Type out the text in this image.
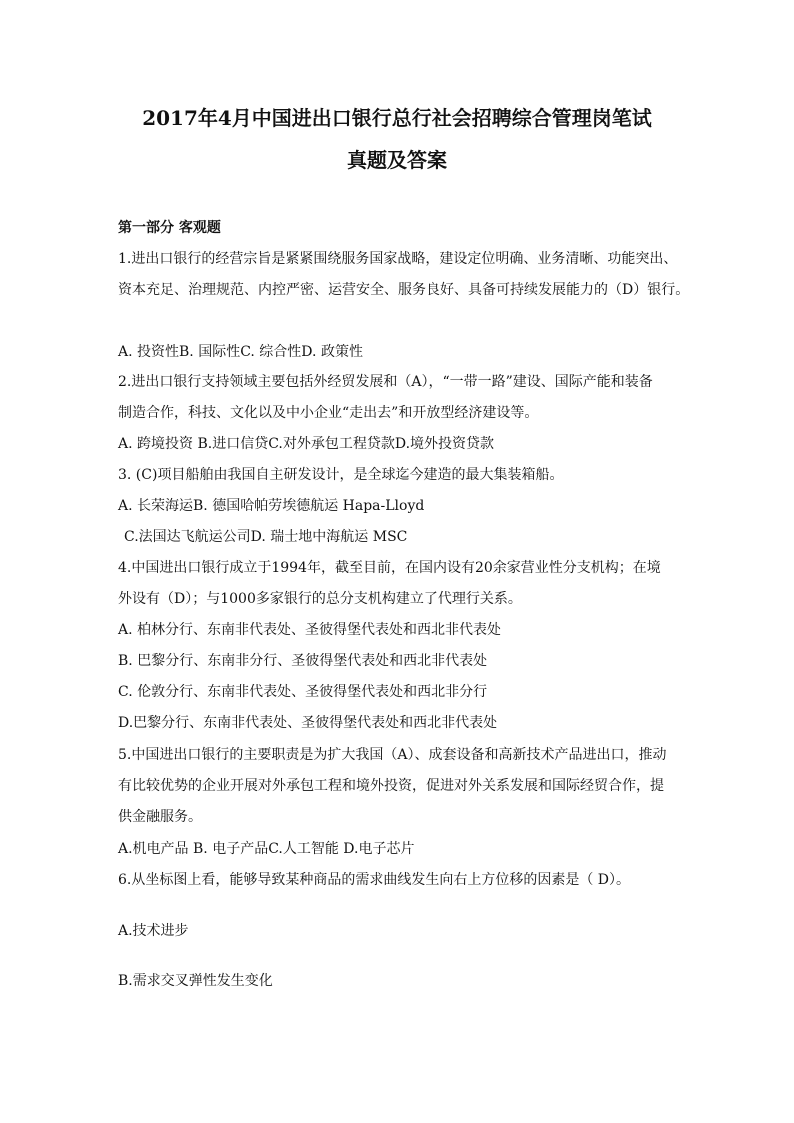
2017年4月中国进出口银行总行社会招聘综合管理岗笔试
真题及答案
第一部分 客观题
1.进出口银行的经营宗旨是紧紧围绕服务国家战略，建设定位明确、业务清晰、功能突出、
资本充足、治理规范、内控严密、运营安全、服务良好、具备可持续发展能力的（D）银行。
A. 投资性B. 国际性C. 综合性D. 政策性
2.进出口银行支持领域主要包括外经贸发展和（A），“一带一路”建设、国际产能和装备
制造合作，科技、文化以及中小企业“走出去”和开放型经济建设等。
A. 跨境投资 B.进口信贷C.对外承包工程贷款D.境外投资贷款
3. (C)项目船舶由我国自主研发设计，是全球迄今建造的最大集装箱船。
A. 长荣海运B. 德国哈帕劳埃德航运 Hapa-Lloyd
C.法国达飞航运公司D. 瑞士地中海航运 MSC
4.中国进出口银行成立于1994年，截至目前，在国内设有20余家营业性分支机构；在境
外设有（D）；与1000多家银行的总分支机构建立了代理行关系。
A. 柏林分行、东南非代表处、圣彼得堡代表处和西北非代表处
B. 巴黎分行、东南非分行、圣彼得堡代表处和西北非代表处
C. 伦敦分行、东南非代表处、圣彼得堡代表处和西北非分行
D.巴黎分行、东南非代表处、圣彼得堡代表处和西北非代表处
5.中国进出口银行的主要职责是为扩大我国（A）、成套设备和高新技术产品进出口，推动
有比较优势的企业开展对外承包工程和境外投资，促进对外关系发展和国际经贸合作，提
供金融服务。
A.机电产品 B. 电子产品C.人工智能 D.电子芯片
6.从坐标图上看，能够导致某种商品的需求曲线发生向右上方位移的因素是（ D）。
A.技术进步
B.需求交叉弹性发生变化
